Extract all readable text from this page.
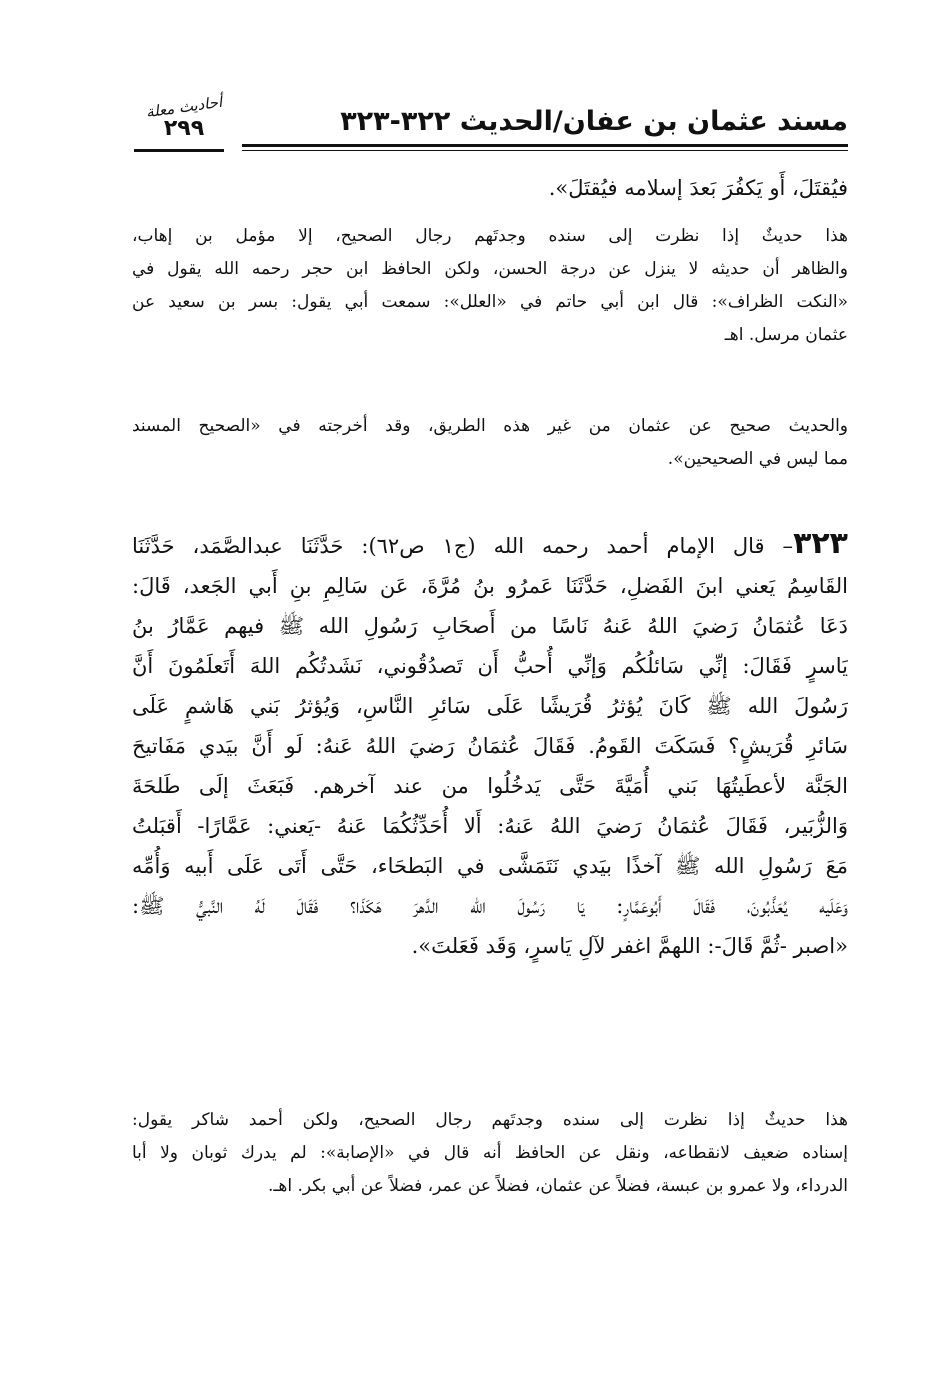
مسند عثمان بن عفان/الحديث ٣٢٢-٣٢٣
أحاديث معلة
٢٩٩
فيُقتَلَ، أَو يَكفُرَ بَعدَ إسلامه فيُقتَلَ».
هذا حديثٌ إذا نظرت إلى سنده وجدتَهم رجال الصحيح، إلا مؤمل بن إهاب،
والظاهر أن حديثه لا ينزل عن درجة الحسن، ولكن الحافظ ابن حجر رحمه الله يقول في
«النكت الظراف»: قال ابن أبي حاتم في «العلل»: سمعت أبي يقول: بسر بن سعيد عن
عثمان مرسل. اهـ
والحديث صحيح عن عثمان من غير هذه الطريق، وقد أخرجته في «الصحيح المسند
مما ليس في الصحيحين».
٣٢٣– قال الإمام أحمد رحمه الله (ج١ ص٦٢): حَدَّثَنَا عبدالصَّمَد، حَدَّثَنَا
القَاسِمُ يَعني ابنَ الفَضلِ، حَدَّثَنَا عَمرُو بنُ مُرَّةَ، عَن سَالِمِ بنِ أَبي الجَعد، قَالَ:
دَعَا عُثمَانُ رَضيَ اللهُ عَنهُ نَاسًا من أَصحَابِ رَسُولِ الله ﷺ فيهم عَمَّارُ بنُ
يَاسرٍ فَقَالَ: إنِّي سَائلُكُم وَإنِّي أُحبُّ أَن تَصدُقُوني، نَشَدتُكُم اللهَ أَتَعلَمُونَ أَنَّ
رَسُولَ الله ﷺ كَانَ يُؤثرُ قُرَيشًا عَلَى سَائرِ النَّاسِ، وَيُؤثرُ بَني هَاشمٍ عَلَى
سَائرِ قُرَيشٍ؟ فَسَكَتَ القَومُ. فَقَالَ عُثمَانُ رَضيَ اللهُ عَنهُ: لَو أَنَّ بيَدي مَفَاتيحَ
الجَنَّة لأعطَيتُهَا بَني أُمَيَّةَ حَتَّى يَدخُلُوا من عند آخرهم. فَبَعَثَ إلَى طَلحَةَ
وَالزُّبَير، فَقَالَ عُثمَانُ رَضيَ اللهُ عَنهُ: أَلا أُحَدِّثُكُمَا عَنهُ -يَعني: عَمَّارًا- أَقبَلتُ
مَعَ رَسُولِ الله ﷺ آخذًا بيَدي نَتَمَشَّى في البَطحَاء، حَتَّى أَتَى عَلَى أَبيه وَأُمِّه
وَعَلَيه يُعَذَّبُونَ، فَقَالَ أَبُوعَمَّارٍ: يَا رَسُولَ الله الدَّهرَ هَكَذَا؟ فَقَالَ لَهُ النَّبيُّ ﷺ:
«اصبر -ثُمَّ قَالَ-: اللهمَّ اغفر لآلِ يَاسرٍ، وَقَد فَعَلتَ».
هذا حديثٌ إذا نظرت إلى سنده وجدتَهم رجال الصحيح، ولكن أحمد شاكر يقول:
إسناده ضعيف لانقطاعه، ونقل عن الحافظ أنه قال في «الإصابة»: لم يدرك ثوبان ولا أبا
الدرداء، ولا عمرو بن عبسة، فضلاً عن عثمان، فضلاً عن عمر، فضلاً عن أبي بكر. اهـ.
